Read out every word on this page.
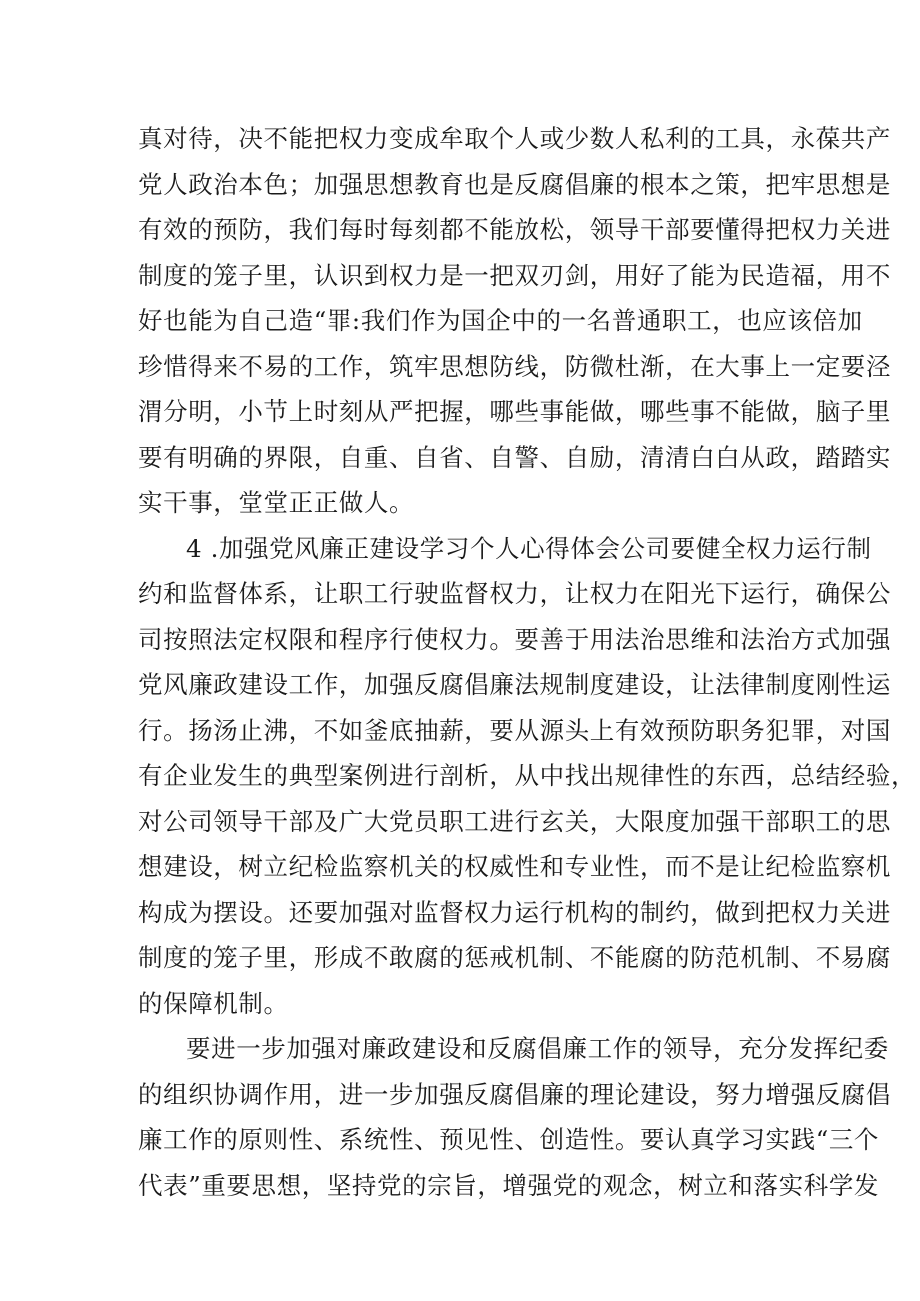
真对待，决不能把权力变成牟取个人或少数人私利的工具，永葆共产
党人政治本色；加强思想教育也是反腐倡廉的根本之策，把牢思想是
有效的预防，我们每时每刻都不能放松，领导干部要懂得把权力关进
制度的笼子里，认识到权力是一把双刃剑，用好了能为民造福，用不
好也能为自己造“罪:我们作为国企中的一名普通职工，也应该倍加
珍惜得来不易的工作，筑牢思想防线，防微杜渐，在大事上一定要泾
渭分明，小节上时刻从严把握，哪些事能做，哪些事不能做，脑子里
要有明确的界限，自重、自省、自警、自励，清清白白从政，踏踏实
实干事，堂堂正正做人。
4 .加强党风廉正建设学习个人心得体会公司要健全权力运行制
约和监督体系，让职工行驶监督权力，让权力在阳光下运行，确保公
司按照法定权限和程序行使权力。要善于用法治思维和法治方式加强
党风廉政建设工作，加强反腐倡廉法规制度建设，让法律制度刚性运
行。扬汤止沸，不如釜底抽薪，要从源头上有效预防职务犯罪，对国
有企业发生的典型案例进行剖析，从中找出规律性的东西，总结经验，
对公司领导干部及广大党员职工进行玄关，大限度加强干部职工的思
想建设，树立纪检监察机关的权威性和专业性，而不是让纪检监察机
构成为摆设。还要加强对监督权力运行机构的制约，做到把权力关进
制度的笼子里，形成不敢腐的惩戒机制、不能腐的防范机制、不易腐
的保障机制。
要进一步加强对廉政建设和反腐倡廉工作的领导，充分发挥纪委
的组织协调作用，进一步加强反腐倡廉的理论建设，努力增强反腐倡
廉工作的原则性、系统性、预见性、创造性。要认真学习实践“三个
代表”重要思想，坚持党的宗旨，增强党的观念，树立和落实科学发
